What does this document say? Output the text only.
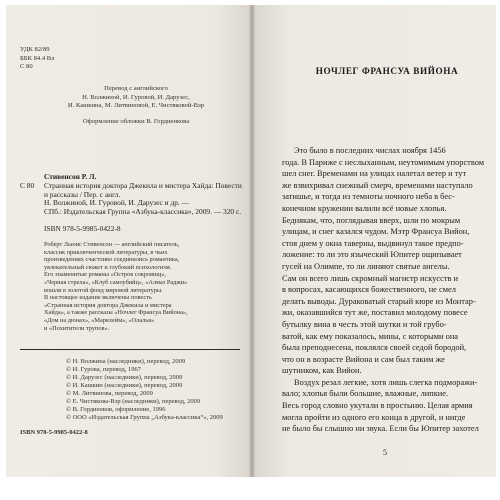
УДК 82/89
ББК 84.4 Вл
С 80
Перевод с английского
Н. Волжиной, И. Гуровой, И. Дарузес,
И. Кашкина, М. Литвиновой, Е. Чистяковой-Вэр
Оформление обложки В. Гордиенкова
Стивенсон Р. Л.
С 80 Странная история доктора Джекила и мистера Хайда: Повести и рассказы / Пер. с англ.
Н. Волжиной, И. Гуровой, И. Дарузес и др. —
СПб.: Издательская Группа «Азбука-классика», 2009. — 320 с.
ISBN 978-5-9985-0422-8
Роберт Льюис Стивенсон — английский писатель,
классик приключенческой литературы, в чьих
произведениях счастливо соединились романтика,
увлекательный сюжет и глубокий психологизм.
Его знаменитые романы «Остров сокровищ»,
«Черная стрела», «Клуб самоубийц», «Алмаз Раджи»
вошли в золотой фонд мировой литературы.
В настоящее издание включены повесть
«Странная история доктора Джекила и мистера
Хайда», а также рассказы «Ночлег Франсуа Вийона»,
«Дом на дюнах», «Маркхейм», «Олалья»
и «Похитители трупов».
© Н. Волжина (наследники), перевод, 2009
© И. Гурова, перевод, 1967
© И. Дарузес (наследники), перевод, 2009
© И. Кашкин (наследники), перевод, 2009
© М. Литвинова, перевод, 2009
© Е. Чистякова-Вэр (наследники), перевод, 2009
© В. Гордиенков, оформление, 1996
© ООО «Издательская Группа „Азбука-классика“», 2009
ISBN 978-5-9985-0422-8
НОЧЛЕГ ФРАНСУА ВИЙОНА
Это было в последних числах ноября 1456
года. В Париже с неслыханным, неутомимым упорством
шел снег. Временами на улицах налетал ветер и тут
же взвихривал снежный смерч, временами наступало
затишье, и тогда из темноты ночного неба в бес-
конечном кружении валили всё новые хлопья.
Беднякам, что, поглядывая вверх, шли по мокрым
улицам, и снег казался чудом. Мэтр Франсуа Вийон,
стоя днем у окна таверны, выдвинул такое предпо-
ложение: то ли это языческий Юпитер ощипывает
гусей на Олимпе, то ли линяют святые ангелы.
Сам он всего лишь скромный магистр искусств и
в вопросах, касающихся божественного, не смел
делать выводы. Дураковатый старый кюре из Монтар-
жи, оказавшийся тут же, поставил молодому повесе
бутылку вина в честь этой шутки и той грубо-
ватой, как ему показалось, мины, с которыми она
была преподнесена, поклялся своей седой бородой,
что он в возрасте Вийона и сам был таким же
шутником, как Вийон.
Воздух резал легкие, хотя лишь слегка подморажи-
вало; хлопья были большие, влажные, липкие.
Весь город словно укутали в простыню. Целая армия
могла пройти из одного его конца в другой, и нигде
не было бы слышно ни звука. Если бы Юпитер захотел
5
